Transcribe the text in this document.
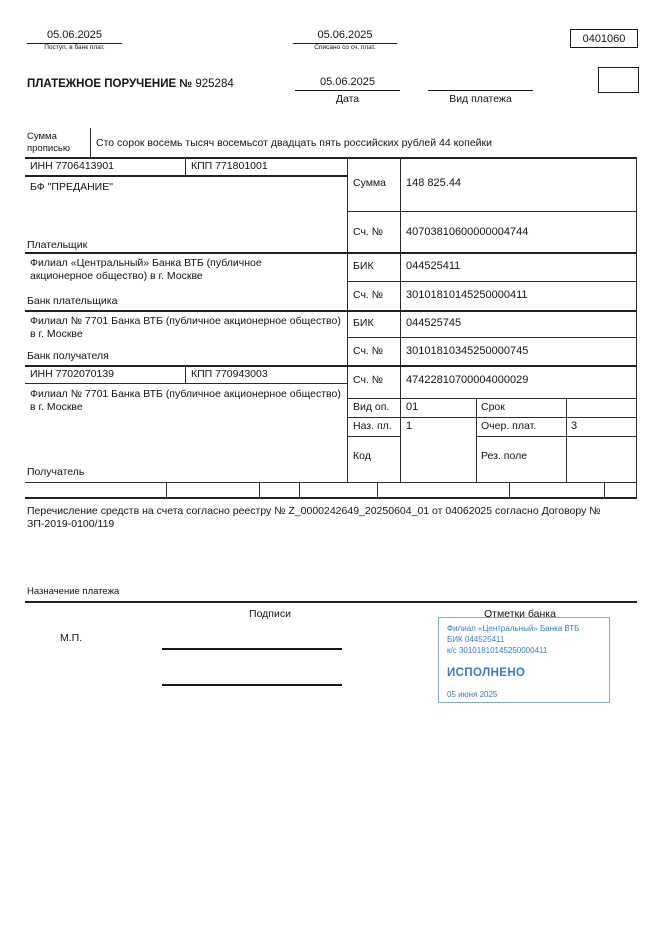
05.06.2025
Поступ. в банк плат.
05.06.2025
Списано со сч. плат.
0401060
ПЛАТЕЖНОЕ ПОРУЧЕНИЕ № 925284	05.06.2025
Дата
	Вид платежа
Сумма прописью	Сто сорок восемь тысяч восемьсот двадцать пять российских рублей 44 копейки
ИНН 7706413901	КПП 771801001
БФ "ПРЕДАНИЕ"
Плательщик
Сумма 148 825.44
Сч. № 40703810600000004744
Филиал «Центральный» Банка ВТБ (публичное акционерное общество) в г. Москве
Банк плательщика
БИК	044525411
Сч. № 30101810145250000411
Филиал № 7701 Банка ВТБ (публичное акционерное общество) в г. Москве
Банк получателя
БИК	044525745
Сч. № 30101810345250000745
ИНН 7702070139	КПП 770943003
Филиал № 7701 Банка ВТБ (публичное акционерное общество) в г. Москве
Получатель
Сч. № 47422810700004000029
Вид оп. 01	Срок
Наз. пл. 1	Очер. плат.	3
Код	Рез. поле
Перечисление средств на счета согласно реестру № Z_0000242649_20250604_01 от 04062025 согласно Договору № ЗП-2019-0100/119
Назначение платежа
Подписи	Отметки банка
М.П.
Филиал «Центральный» Банка ВТБ
БИК 044525411
к/с 30101810145250000411
ИСПОЛНЕНО
05 июня 2025
